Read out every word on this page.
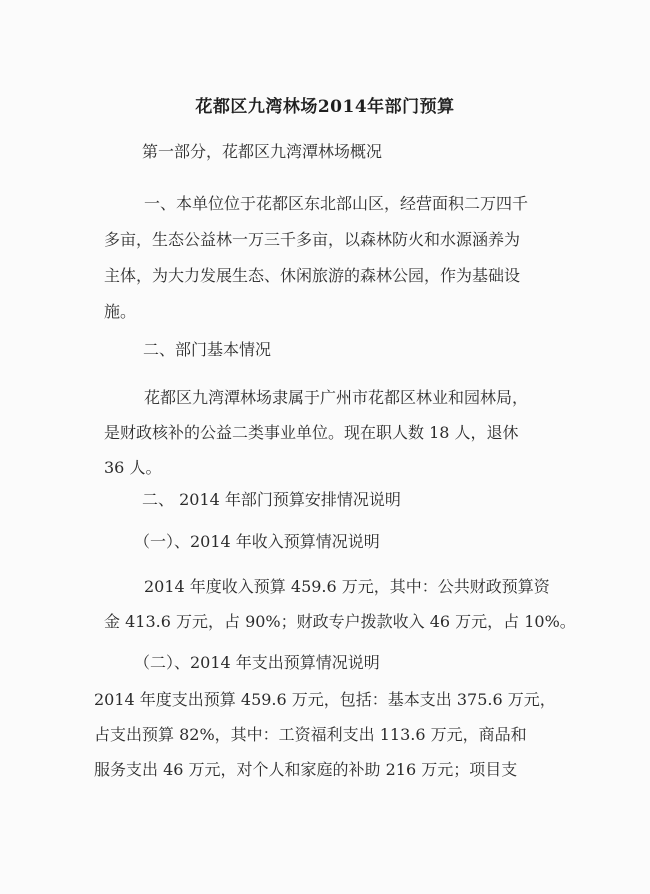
花都区九湾林场2014年部门预算

第一部分，花都区九湾潭林场概况

一、本单位位于花都区东北部山区，经营面积二万四千
多亩，生态公益林一万三千多亩，以森林防火和水源涵养为
主体，为大力发展生态、休闲旅游的森林公园，作为基础设
施。

二、部门基本情况

花都区九湾潭林场隶属于广州市花都区林业和园林局，
是财政核补的公益二类事业单位。现在职人数 18 人，退休
36 人。

二、 2014 年部门预算安排情况说明

（一）、2014 年收入预算情况说明

2014 年度收入预算 459.6 万元，其中：公共财政预算资
金 413.6 万元，占 90%；财政专户拨款收入 46 万元，占 10%。

（二）、2014 年支出预算情况说明

2014 年度支出预算 459.6 万元，包括：基本支出 375.6 万元，
占支出预算 82%，其中：工资福利支出 113.6 万元，商品和
服务支出 46 万元，对个人和家庭的补助 216 万元；项目支
